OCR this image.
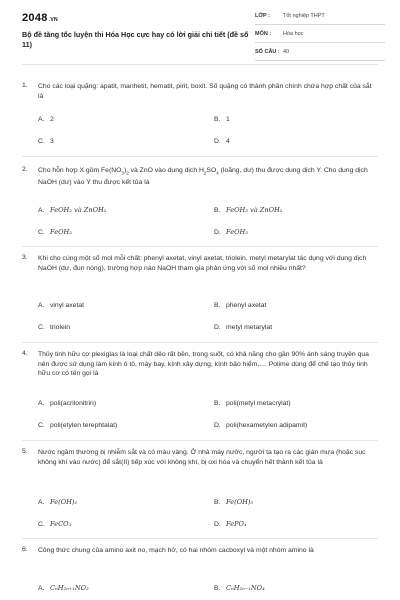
2048.VN
Bộ đề tăng tốc luyện thi Hóa Học cực hay có lời giải chi tiết (đề số 11)
LỚP : Tốt nghiệp THPT
MÔN : Hóa học
SỐ CÂU : 40
1. Cho các loại quặng: apatit, manhetit, hematit, pirit, boxit. Số quặng có thành phần chính chứa hợp chất của sắt là
A. 2	B. 1
C. 3	D. 4
2. Cho hỗn hợp X gồm $Fe(NO_3)_2$ và ZnO vào dung dịch $H_2SO_4$ (loãng, dư) thu được dung dịch Y. Cho dung dịch NaOH (dư) vào Y thu được kết tủa là
A. FeOH₂ và ZnOH₂	B. FeOH₃ và ZnOH₂
C. FeOH₂	D. FeOH₃
3. Khi cho cùng một số mol mỗi chất: phenyl axetat, vinyl axetat, triolein, metyl metarylat tác dụng với dung dịch NaOH (dư, đun nóng), trường hợp nào NaOH tham gia phản ứng với số mol nhiều nhất?
A. vinyl axetat	B. phenyl axetat
C. triolein	D. metyl metarylat
4. Thủy tinh hữu cơ plexiglas là loại chất dẻo rất bền, trong suốt, có khả năng cho gần 90% ánh sáng truyền qua nên được sử dụng làm kính ô tô, máy bay, kính xây dựng, kính bảo hiểm,.... Polime dùng để chế tạo thủy tinh hữu cơ có tên gọi là
A. poli(acrilonitrin)	B. poli(metyl metacrylat)
C. poli(etylen terephtalat)	D. poli(hexametylen adipamit)
5. Nước ngầm thường bị nhiễm sắt và có màu vàng. Ở nhà máy nước, người ta tạo ra các giàn mưa (hoặc sục không khí vào nước) để sắt(II) tiếp xúc với không khí, bị oxi hóa và chuyển hết thành kết tủa là
A. Fe(OH)₂	B. Fe(OH)₃
C. FeCO₃	D. FePO₄
6. Công thức chung của amino axit no, mạch hở, có hai nhóm cacboxyl và một nhóm amino là
A. CₙH₂ₙ₊₁NO₂	B. CₙH₂ₙ₋₁NO₄
